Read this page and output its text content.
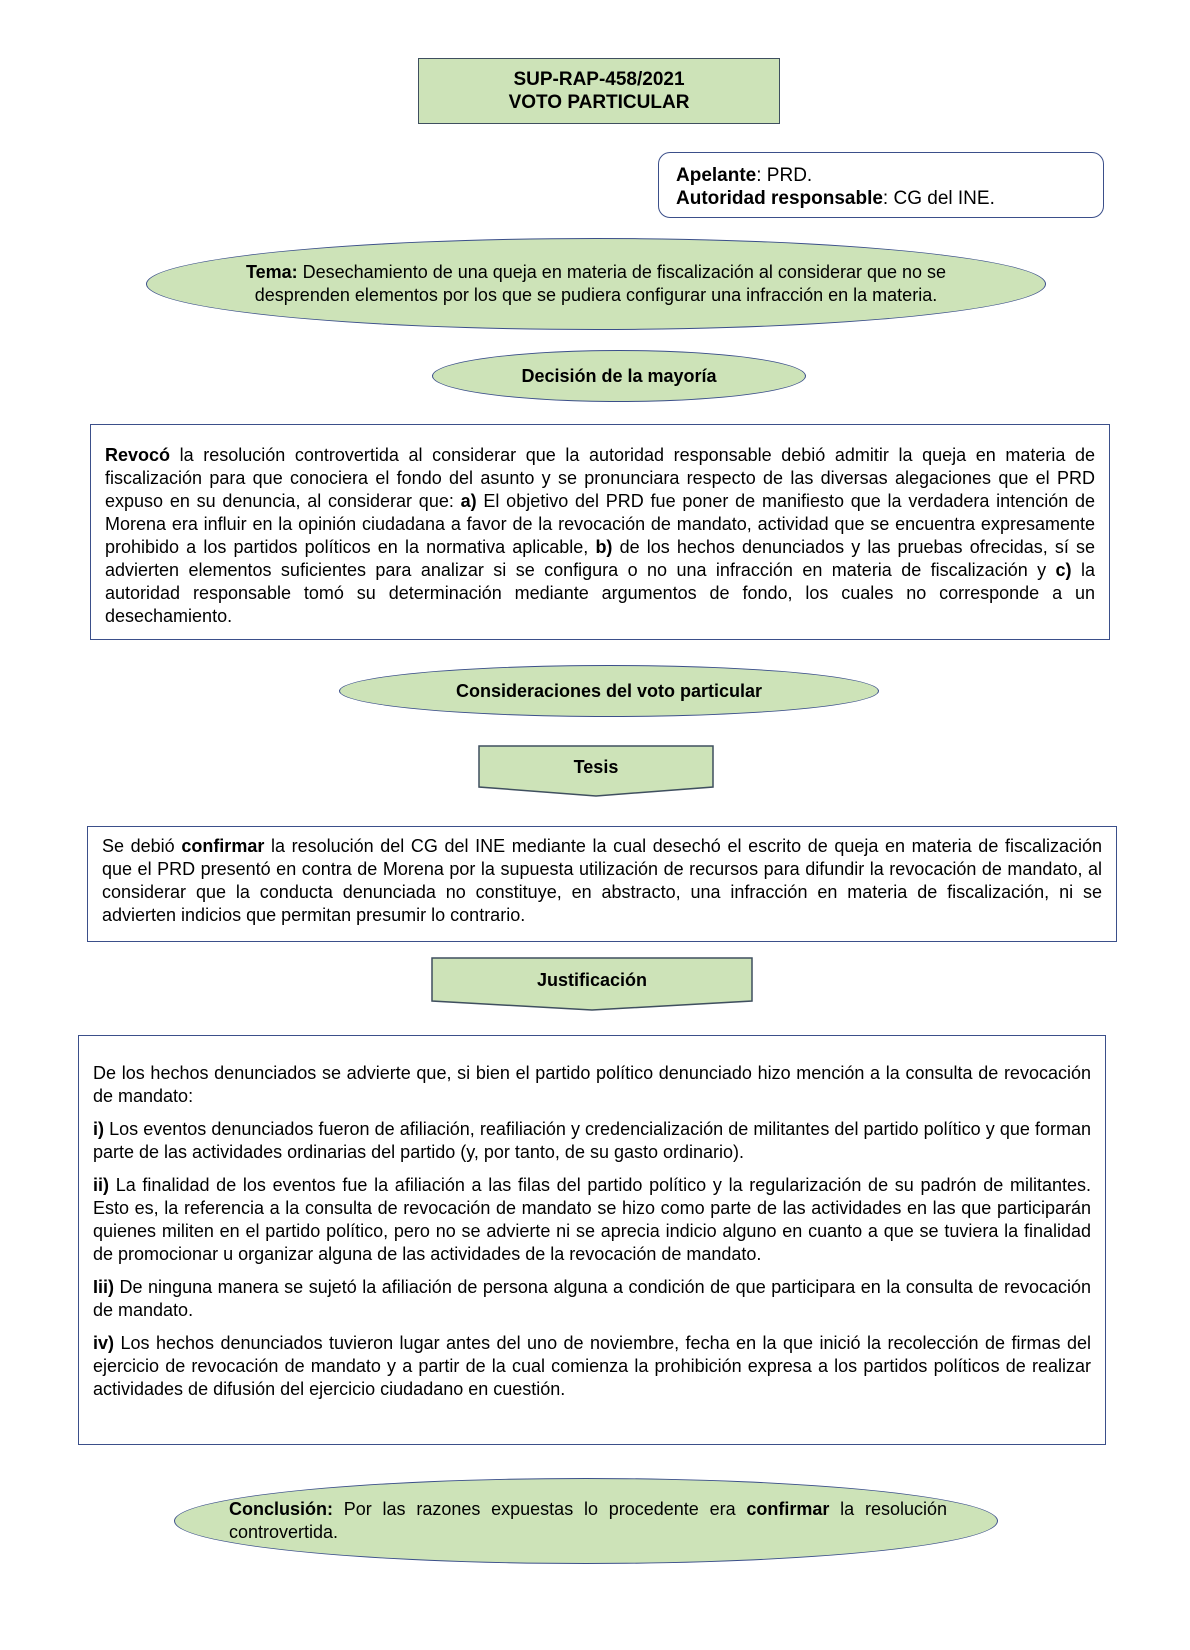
SUP-RAP-458/2021
VOTO PARTICULAR
Apelante: PRD.
Autoridad responsable: CG del INE.
Tema: Desechamiento de una queja en materia de fiscalización al considerar que no se desprenden elementos por los que se pudiera configurar una infracción en la materia.
Decisión de la mayoría

Revocó la resolución controvertida al considerar que la autoridad responsable debió admitir la queja en materia de fiscalización para que conociera el fondo del asunto y se pronunciara respecto de las diversas alegaciones que el PRD expuso en su denuncia, al considerar que: a) El objetivo del PRD fue poner de manifiesto que la verdadera intención de Morena era influir en la opinión ciudadana a favor de la revocación de mandato, actividad que se encuentra expresamente prohibido a los partidos políticos en la normativa aplicable, b) de los hechos denunciados y las pruebas ofrecidas, sí se advierten elementos suficientes para analizar si se configura o no una infracción en materia de fiscalización y c) la autoridad responsable tomó su determinación mediante argumentos de fondo, los cuales no corresponde a un desechamiento.

Consideraciones del voto particular
Tesis

Se debió confirmar la resolución del CG del INE mediante la cual desechó el escrito de queja en materia de fiscalización que el PRD presentó en contra de Morena por la supuesta utilización de recursos para difundir la revocación de mandato, al considerar que la conducta denunciada no constituye, en abstracto, una infracción en materia de fiscalización, ni se advierten indicios que permitan presumir lo contrario.

Justificación

De los hechos denunciados se advierte que, si bien el partido político denunciado hizo mención a la consulta de revocación de mandato:

i) Los eventos denunciados fueron de afiliación, reafiliación y credencialización de militantes del partido político y que forman parte de las actividades ordinarias del partido (y, por tanto, de su gasto ordinario).

ii) La finalidad de los eventos fue la afiliación a las filas del partido político y la regularización de su padrón de militantes. Esto es, la referencia a la consulta de revocación de mandato se hizo como parte de las actividades en las que participarán quienes militen en el partido político, pero no se advierte ni se aprecia indicio alguno en cuanto a que se tuviera la finalidad de promocionar u organizar alguna de las actividades de la revocación de mandato.

Iii) De ninguna manera se sujetó la afiliación de persona alguna a condición de que participara en la consulta de revocación de mandato.

iv) Los hechos denunciados tuvieron lugar antes del uno de noviembre, fecha en la que inició la recolección de firmas del ejercicio de revocación de mandato y a partir de la cual comienza la prohibición expresa a los partidos políticos de realizar actividades de difusión del ejercicio ciudadano en cuestión.

Conclusión: Por las razones expuestas lo procedente era confirmar la resolución controvertida.
